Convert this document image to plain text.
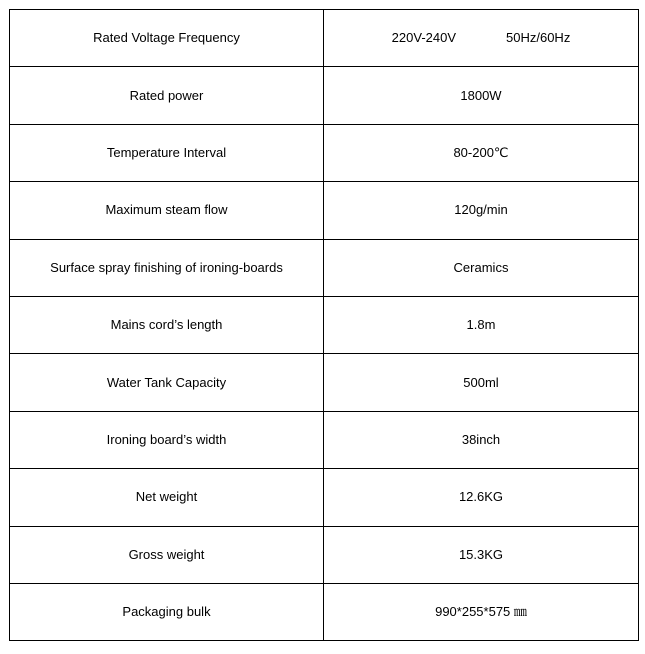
Rated Voltage Frequency	220V-240V 50Hz/60Hz
Rated power	1800W
Temperature Interval	80-200℃
Maximum steam flow	120g/min
Surface spray finishing of ironing-boards	Ceramics
Mains cord’s length	1.8m
Water Tank Capacity	500ml
Ironing board’s width	38inch
Net weight	12.6KG
Gross weight	15.3KG
Packaging bulk	990*255*575 ㎜
